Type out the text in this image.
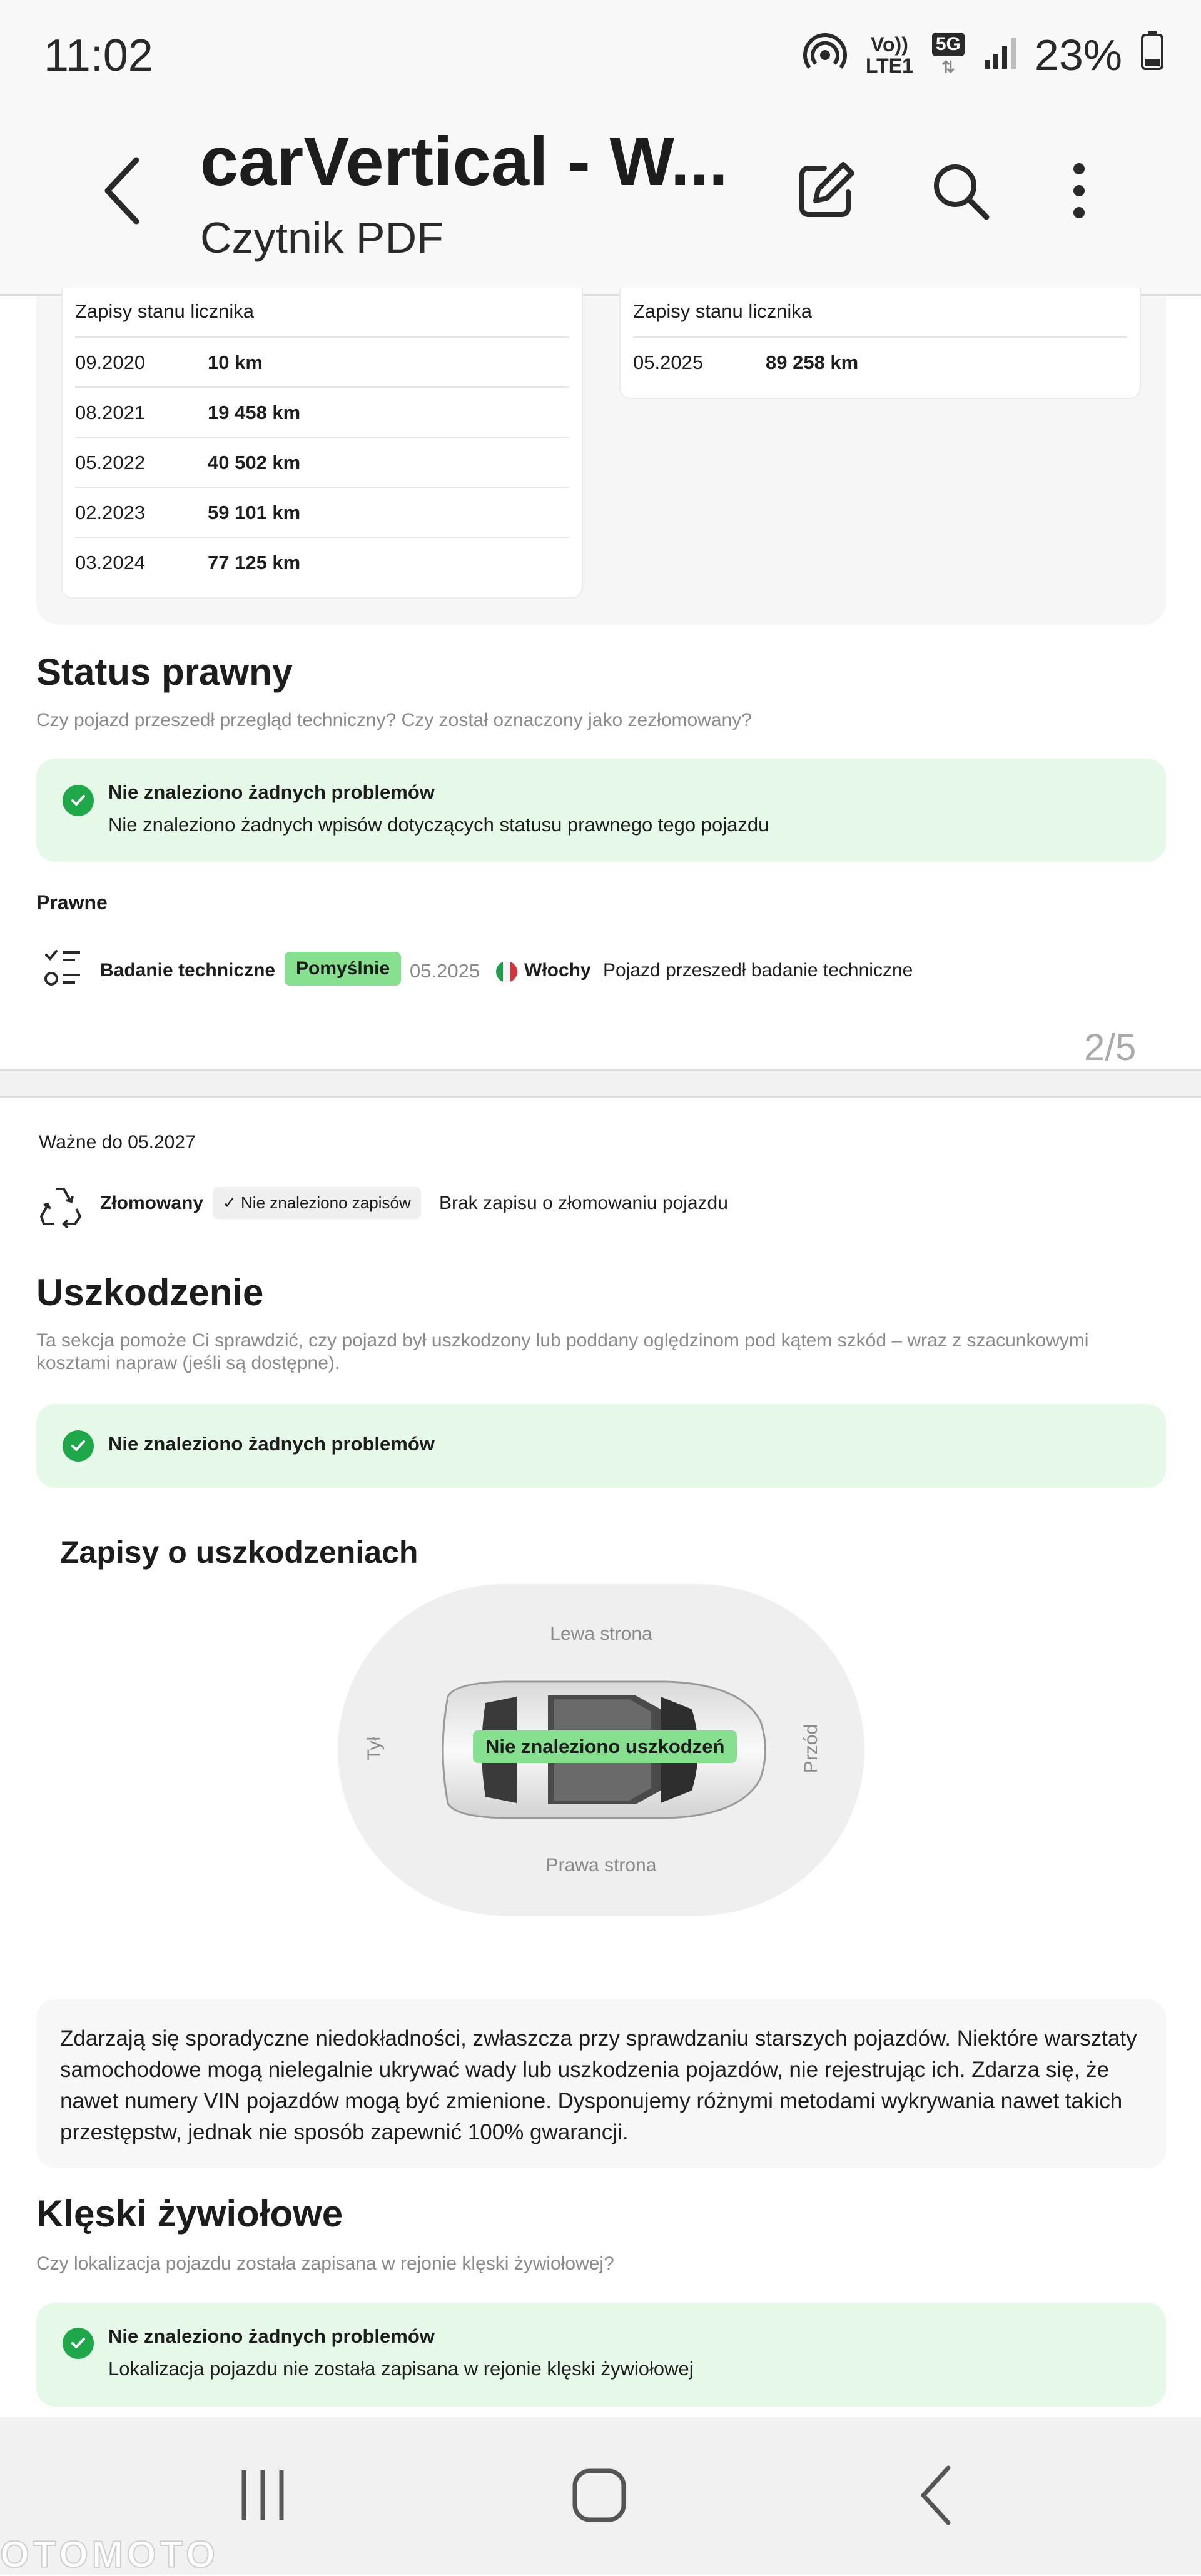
11:02	Vo))
LTE1
5G
⇅ 23%
carVertical - W...
Czytnik PDF
Zapisy stanu licznika
09.2020	10 km
08.2021	19 458 km
05.2022	40 502 km
02.2023	59 101 km
03.2024	77 125 km
Zapisy stanu licznika
05.2025	89 258 km
Status prawny
Czy pojazd przeszedł przegląd techniczny? Czy został oznaczony jako zezłomowany?
Nie znaleziono żadnych problemów
Nie znaleziono żadnych wpisów dotyczących statusu prawnego tego pojazdu
Prawne
Badanie techniczne	Pomyślnie	05.2025 Włochy Pojazd przeszedł badanie techniczne
2/5
Ważne do 05.2027
Złomowany	✓ Nie znaleziono zapisów	Brak zapisu o złomowaniu pojazdu
Uszkodzenie
Ta sekcja pomoże Ci sprawdzić, czy pojazd był uszkodzony lub poddany oględzinom pod kątem szkód – wraz z szacunkowymi kosztami napraw (jeśli są dostępne).
Nie znaleziono żadnych problemów
Zapisy o uszkodzeniach
Lewa strona
Prawa strona
Tył	Przód
Nie znaleziono uszkodzeń
Zdarzają się sporadyczne niedokładności, zwłaszcza przy sprawdzaniu starszych pojazdów. Niektóre warsztaty samochodowe mogą nielegalnie ukrywać wady lub uszkodzenia pojazdów, nie rejestrując ich. Zdarza się, że nawet numery VIN pojazdów mogą być zmienione. Dysponujemy różnymi metodami wykrywania nawet takich przestępstw, jednak nie sposób zapewnić 100% gwarancji.
Klęski żywiołowe
Czy lokalizacja pojazdu została zapisana w rejonie klęski żywiołowej?
Nie znaleziono żadnych problemów
Lokalizacja pojazdu nie została zapisana w rejonie klęski żywiołowej
OTOMOTO
